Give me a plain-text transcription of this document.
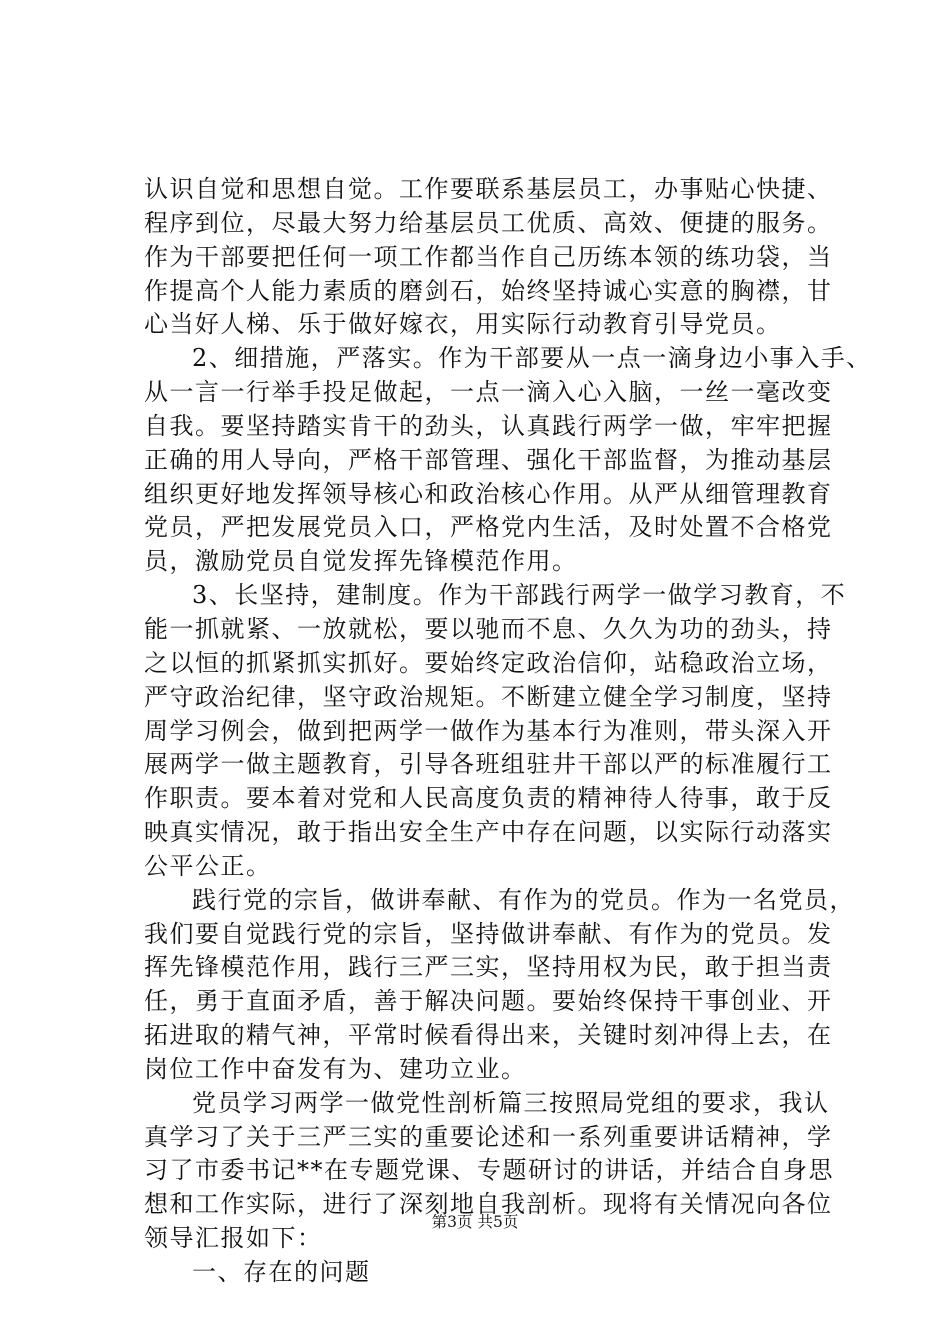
认识自觉和思想自觉。工作要联系基层员工，办事贴心快捷、
程序到位，尽最大努力给基层员工优质、高效、便捷的服务。
作为干部要把任何一项工作都当作自己历练本领的练功袋，当
作提高个人能力素质的磨剑石，始终坚持诚心实意的胸襟，甘
心当好人梯、乐于做好嫁衣，用实际行动教育引导党员。
2、细措施，严落实。作为干部要从一点一滴身边小事入手、
从一言一行举手投足做起，一点一滴入心入脑，一丝一毫改变
自我。要坚持踏实肯干的劲头，认真践行两学一做，牢牢把握
正确的用人导向，严格干部管理、强化干部监督，为推动基层
组织更好地发挥领导核心和政治核心作用。从严从细管理教育
党员，严把发展党员入口，严格党内生活，及时处置不合格党
员，激励党员自觉发挥先锋模范作用。
3、长坚持，建制度。作为干部践行两学一做学习教育，不
能一抓就紧、一放就松，要以驰而不息、久久为功的劲头，持
之以恒的抓紧抓实抓好。要始终定政治信仰，站稳政治立场，
严守政治纪律，坚守政治规矩。不断建立健全学习制度，坚持
周学习例会，做到把两学一做作为基本行为准则，带头深入开
展两学一做主题教育，引导各班组驻井干部以严的标准履行工
作职责。要本着对党和人民高度负责的精神待人待事，敢于反
映真实情况，敢于指出安全生产中存在问题，以实际行动落实
公平公正。
践行党的宗旨，做讲奉献、有作为的党员。作为一名党员，
我们要自觉践行党的宗旨，坚持做讲奉献、有作为的党员。发
挥先锋模范作用，践行三严三实，坚持用权为民，敢于担当责
任，勇于直面矛盾，善于解决问题。要始终保持干事创业、开
拓进取的精气神，平常时候看得出来，关键时刻冲得上去，在
岗位工作中奋发有为、建功立业。
党员学习两学一做党性剖析篇三按照局党组的要求，我认
真学习了关于三严三实的重要论述和一系列重要讲话精神，学
习了市委书记**在专题党课、专题研讨的讲话，并结合自身思
想和工作实际，进行了深刻地自我剖析。现将有关情况向各位
领导汇报如下：
一、存在的问题
第3页 共5页
